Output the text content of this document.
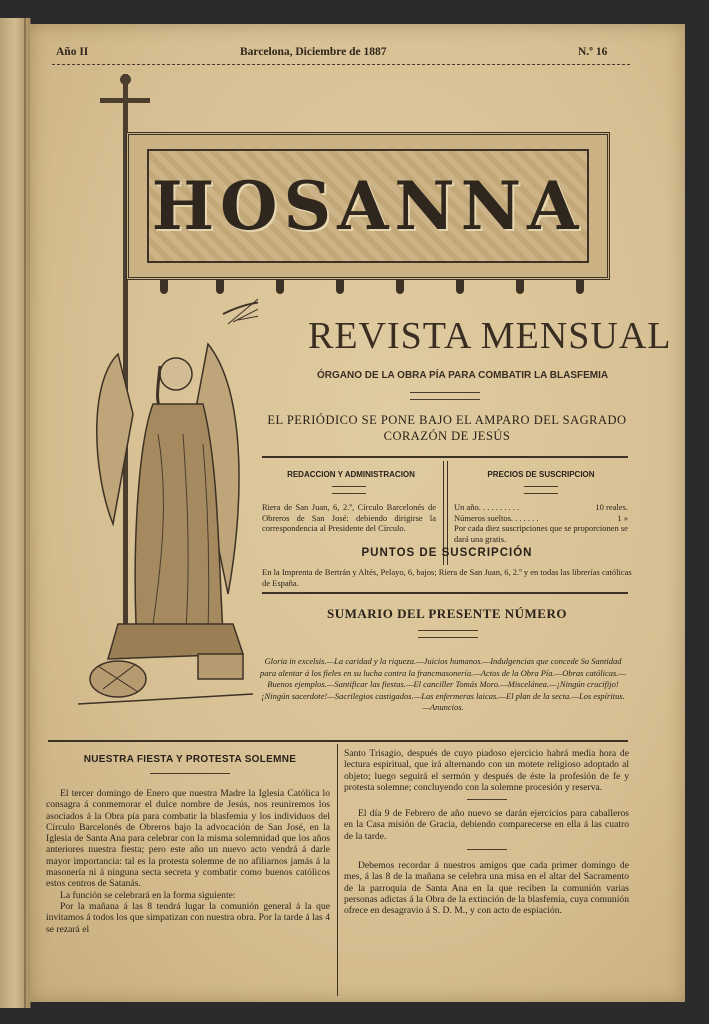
Año II	Barcelona, Diciembre de 1887	N.º 16
HOSANNA
REVISTA MENSUAL
ÓRGANO DE LA OBRA PÍA PARA COMBATIR LA BLASFEMIA
EL PERIÓDICO SE PONE BAJO EL AMPARO DEL SAGRADO CORAZÓN DE JESÚS
REDACCION Y ADMINISTRACION
Riera de San Juan, 6, 2.º, Círculo Barcelonés de Obreros de San José: debiendo dirigirse la correspondencia al Presidente del Círculo.
PRECIOS DE SUSCRIPCION
Un año. . . . . . . . . .	10 reales.
Números sueltos. . . . . . .	1 »
Por cada diez suscripciones que se proporcionen se dará una gratis.
PUNTOS DE SUSCRIPCIÓN
En la Imprenta de Bertrán y Altés, Pelayo, 6, bajos; Riera de San Juan, 6, 2.º y en todas las librerías católicas de España.
SUMARIO DEL PRESENTE NÚMERO
Gloria in excelsis.—La caridad y la riqueza.—Juicios humanos.—Indulgencias que concede Su Santidad para alentar á los fieles en su lucha contra la francmasonería.—Actos de la Obra Pía.—Obras católicas.—Buenos ejemplos.—Santificar las fiestas.—El canciller Tomás Moro.—Miscelánea.—¡Ningún crucifijo! ¡Ningún sacerdote!—Sacrilegios castigados.—Las enfermeras laicas.—El plan de la secta.—Los espíritus.—Anuncios.
NUESTRA FIESTA Y PROTESTA SOLEMNE

El tercer domingo de Enero que nuestra Madre la Iglesia Católica lo consagra á conmemorar el dulce nombre de Jesús, nos reuniremos los asociados á la Obra pía para combatir la blasfemia y los individuos del Círculo Barcelonés de Obreros bajo la advocación de San José, en la Iglesia de Santa Ana para celebrar con la misma solemnidad que los años anteriores nuestra fiesta; pero este año un nuevo acto vendrá á darle mayor importancia: tal es la protesta solemne de no afiliarnos jamás á la masonería ni á ninguna secta secreta y combatir como buenos católicos estos centros de Satanás.

La función se celebrará en la forma siguiente:

Por la mañana á las 8 tendrá lugar la comunión general á la que invitamos á todos los que simpatizan con nuestra obra. Por la tarde á las 4 se rezará el

Santo Trisagio, después de cuyo piadoso ejercicio habrá media hora de lectura espiritual, que irá alternando con un motete religioso adoptado al objeto; luego seguirá el sermón y después de éste la profesión de fe y protesta solemne; concluyendo con la solemne procesión y reserva.

El día 9 de Febrero de año nuevo se darán ejercicios para caballeros en la Casa misión de Gracia, debiendo comparecerse en ella á las cuatro de la tarde.

Debemos recordar á nuestros amigos que cada primer domingo de mes, á las 8 de la mañana se celebra una misa en el altar del Sacramento de la parroquia de Santa Ana en la que reciben la comunión varias personas adictas á la Obra de la extinción de la blasfemia, cuya comunión ofrece en desagravio á S. D. M., y con acto de espiación.
